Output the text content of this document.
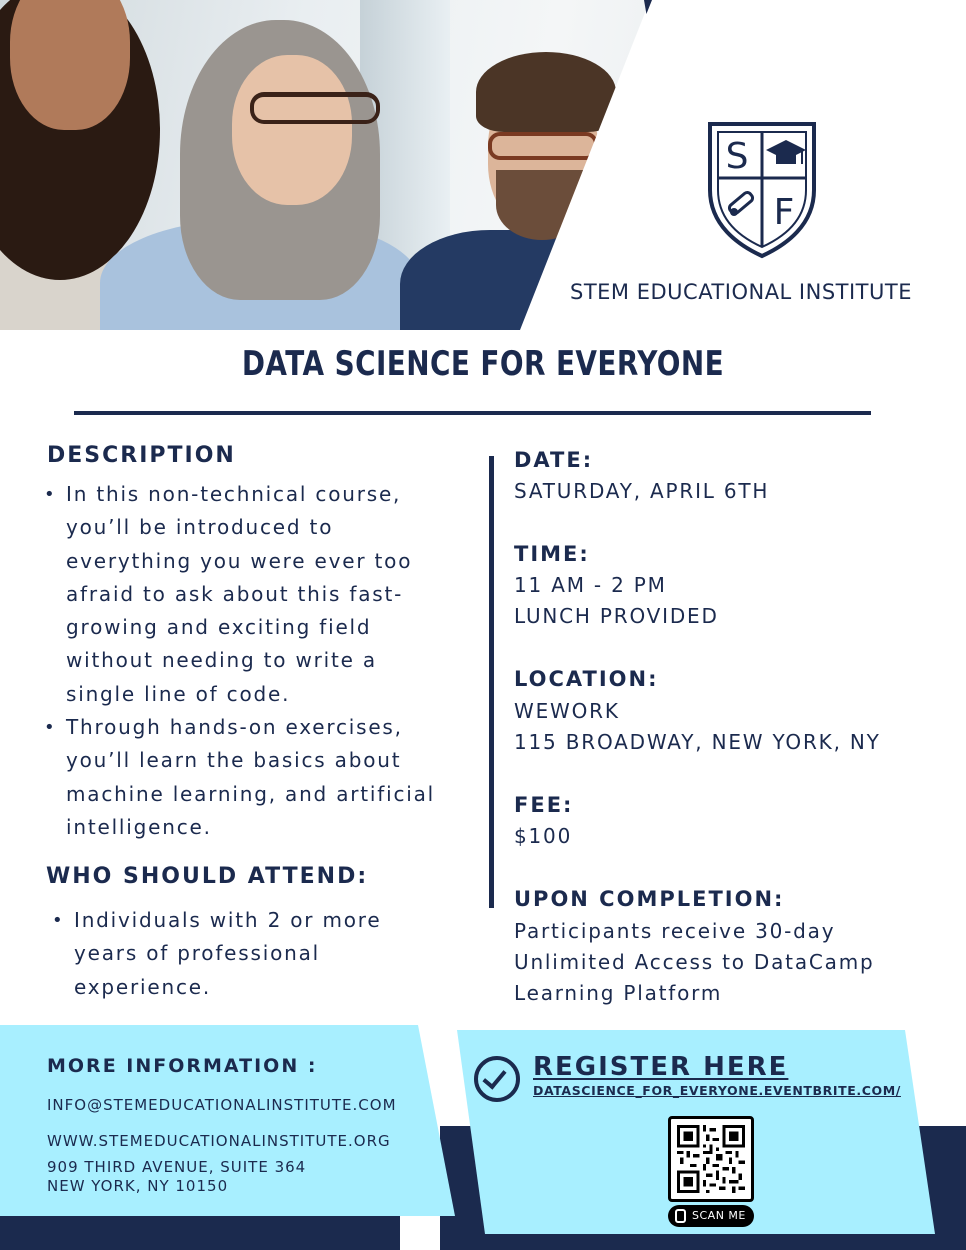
S
F
STEM EDUCATIONAL INSTITUTE
DATA SCIENCE FOR EVERYONE
DESCRIPTION
• In this non-technical course,
you’ll be introduced to
everything you were ever too
afraid to ask about this fast-
growing and exciting field
without needing to write a
single line of code.
• Through hands-on exercises,
you’ll learn the basics about
machine learning, and artificial
intelligence.
WHO SHOULD ATTEND:
• Individuals with 2 or more
years of professional
experience.
DATE:
SATURDAY, APRIL 6TH
TIME:
11 AM - 2 PM
LUNCH PROVIDED
LOCATION:
WEWORK
115 BROADWAY, NEW YORK, NY
FEE:
$100
UPON COMPLETION:
Participants receive 30-day
Unlimited Access to DataCamp
Learning Platform
MORE INFORMATION :
INFO@STEMEDUCATIONALINSTITUTE.COM
WWW.STEMEDUCATIONALINSTITUTE.ORG
909 THIRD AVENUE, SUITE 364
NEW YORK, NY 10150
REGISTER HERE
DATASCIENCE_FOR_EVERYONE.EVENTBRITE.COM/
SCAN ME
